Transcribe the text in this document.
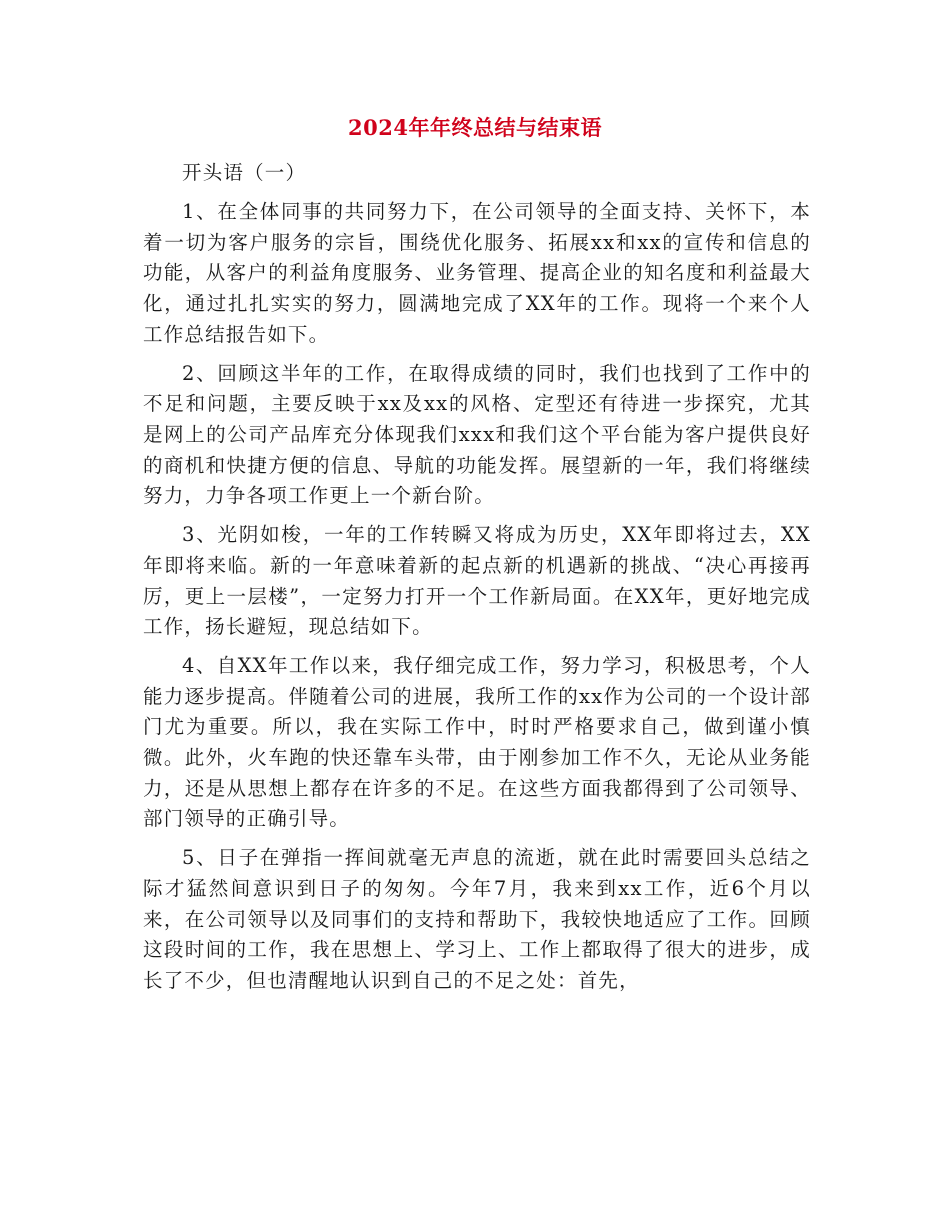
2024年年终总结与结束语

开头语（一）

1、在全体同事的共同努力下，在公司领导的全面支持、关怀下，本着一切为客户服务的宗旨，围绕优化服务、拓展xx和xx的宣传和信息的功能，从客户的利益角度服务、业务管理、提高企业的知名度和利益最大化，通过扎扎实实的努力，圆满地完成了XX年的工作。现将一个来个人工作总结报告如下。

2、回顾这半年的工作，在取得成绩的同时，我们也找到了工作中的不足和问题，主要反映于xx及xx的风格、定型还有待进一步探究，尤其是网上的公司产品库充分体现我们xxx和我们这个平台能为客户提供良好的商机和快捷方便的信息、导航的功能发挥。展望新的一年，我们将继续努力，力争各项工作更上一个新台阶。

3、光阴如梭，一年的工作转瞬又将成为历史，XX年即将过去，XX年即将来临。新的一年意味着新的起点新的机遇新的挑战、“决心再接再厉，更上一层楼”，一定努力打开一个工作新局面。在XX年，更好地完成工作，扬长避短，现总结如下。

4、自XX年工作以来，我仔细完成工作，努力学习，积极思考，个人能力逐步提高。伴随着公司的进展，我所工作的xx作为公司的一个设计部门尤为重要。所以，我在实际工作中，时时严格要求自己，做到谨小慎微。此外，火车跑的快还靠车头带，由于刚参加工作不久，无论从业务能力，还是从思想上都存在许多的不足。在这些方面我都得到了公司领导、部门领导的正确引导。

5、日子在弹指一挥间就毫无声息的流逝，就在此时需要回头总结之际才猛然间意识到日子的匆匆。今年7月，我来到xx工作，近6个月以来，在公司领导以及同事们的支持和帮助下，我较快地适应了工作。回顾这段时间的工作，我在思想上、学习上、工作上都取得了很大的进步，成长了不少，但也清醒地认识到自己的不足之处：首先，
